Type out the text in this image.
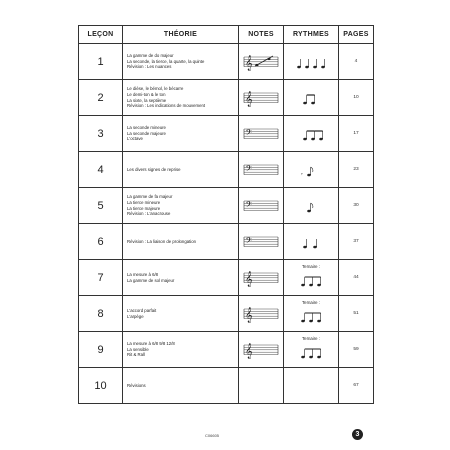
LEÇON	THÉORIE	NOTES	RYTHMES	PAGES
1	La gamme de do majeur
La seconde, la tierce, la quarte, la quinte
Révision : Les nuances	𝄞		4
2	Le dièse, le bémol, le bécarre
Le demi-ton & le ton
La sixte, la septième
Révision : Les indications de mouvement	𝄞		10
3	La seconde mineure
La seconde majeure
L'octave	𝄢		17
4	Les divers signes de reprise	𝄢	𝄾	23
5	La gamme de fa majeur
La tierce mineure
La tierce majeure
Révision : L'anacrouse	𝄢		30
6	Révision : La liaison de prolongation	𝄢		37
7	La mesure à 6/8
La gamme de sol majeur	𝄞	Ternaire :	44
8	L'accord parfait
L'arpège	𝄞	Ternaire :	51
9	La mesure à 6/8 9/8 12/8
La sensible
Rit & Rall	𝄞	Ternaire :	59
10	Révisions			67
C06605	3
